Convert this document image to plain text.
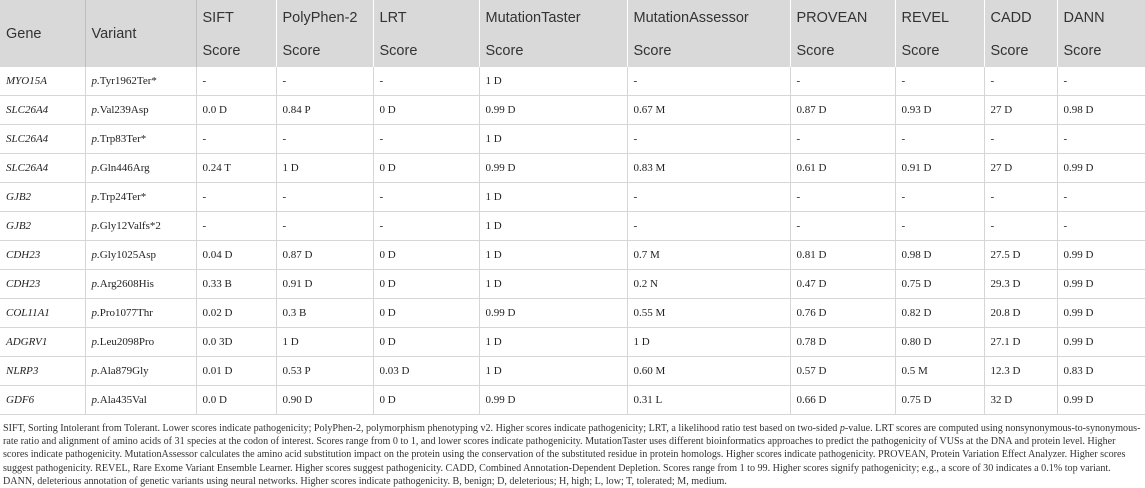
Gene	Variant	SIFT	PolyPhen-2	LRT	MutationTaster	MutationAssessor	PROVEAN	REVEL	CADD	DANN
		Score	Score	Score	Score	Score	Score	Score	Score	Score
MYO15A	p.Tyr1962Ter*	-	-	-	1 D	-	-	-	-	-
SLC26A4	p.Val239Asp	0.0 D	0.84 P	0 D	0.99 D	0.67 M	0.87 D	0.93 D	27 D	0.98 D
SLC26A4	p.Trp83Ter*	-	-	-	1 D	-	-	-	-	-
SLC26A4	p.Gln446Arg	0.24 T	1 D	0 D	0.99 D	0.83 M	0.61 D	0.91 D	27 D	0.99 D
GJB2	p.Trp24Ter*	-	-	-	1 D	-	-	-	-	-
GJB2	p.Gly12Valfs*2	-	-	-	1 D	-	-	-	-	-
CDH23	p.Gly1025Asp	0.04 D	0.87 D	0 D	1 D	0.7 M	0.81 D	0.98 D	27.5 D	0.99 D
CDH23	p.Arg2608His	0.33 B	0.91 D	0 D	1 D	0.2 N	0.47 D	0.75 D	29.3 D	0.99 D
COL11A1	p.Pro1077Thr	0.02 D	0.3 B	0 D	0.99 D	0.55 M	0.76 D	0.82 D	20.8 D	0.99 D
ADGRV1	p.Leu2098Pro	0.0 3D	1 D	0 D	1 D	1 D	0.78 D	0.80 D	27.1 D	0.99 D
NLRP3	p.Ala879Gly	0.01 D	0.53 P	0.03 D	1 D	0.60 M	0.57 D	0.5 M	12.3 D	0.83 D
GDF6	p.Ala435Val	0.0 D	0.90 D	0 D	0.99 D	0.31 L	0.66 D	0.75 D	32 D	0.99 D
SIFT, Sorting Intolerant from Tolerant. Lower scores indicate pathogenicity; PolyPhen-2, polymorphism phenotyping v2. Higher scores indicate pathogenicity; LRT, a likelihood ratio test based on two-sided p-value. LRT scores are computed using nonsynonymous-to-synonymous-rate ratio and alignment of amino acids of 31 species at the codon of interest. Scores range from 0 to 1, and lower scores indicate pathogenicity. MutationTaster uses different bioinformatics approaches to predict the pathogenicity of VUSs at the DNA and protein level. Higher scores indicate pathogenicity. MutationAssessor calculates the amino acid substitution impact on the protein using the conservation of the substituted residue in protein homologs. Higher scores indicate pathogenicity. PROVEAN, Protein Variation Effect Analyzer. Higher scores suggest pathogenicity. REVEL, Rare Exome Variant Ensemble Learner. Higher scores suggest pathogenicity. CADD, Combined Annotation-Dependent Depletion. Scores range from 1 to 99. Higher scores signify pathogenicity; e.g., a score of 30 indicates a 0.1% top variant. DANN, deleterious annotation of genetic variants using neural networks. Higher scores indicate pathogenicity. B, benign; D, deleterious; H, high; L, low; T, tolerated; M, medium.
